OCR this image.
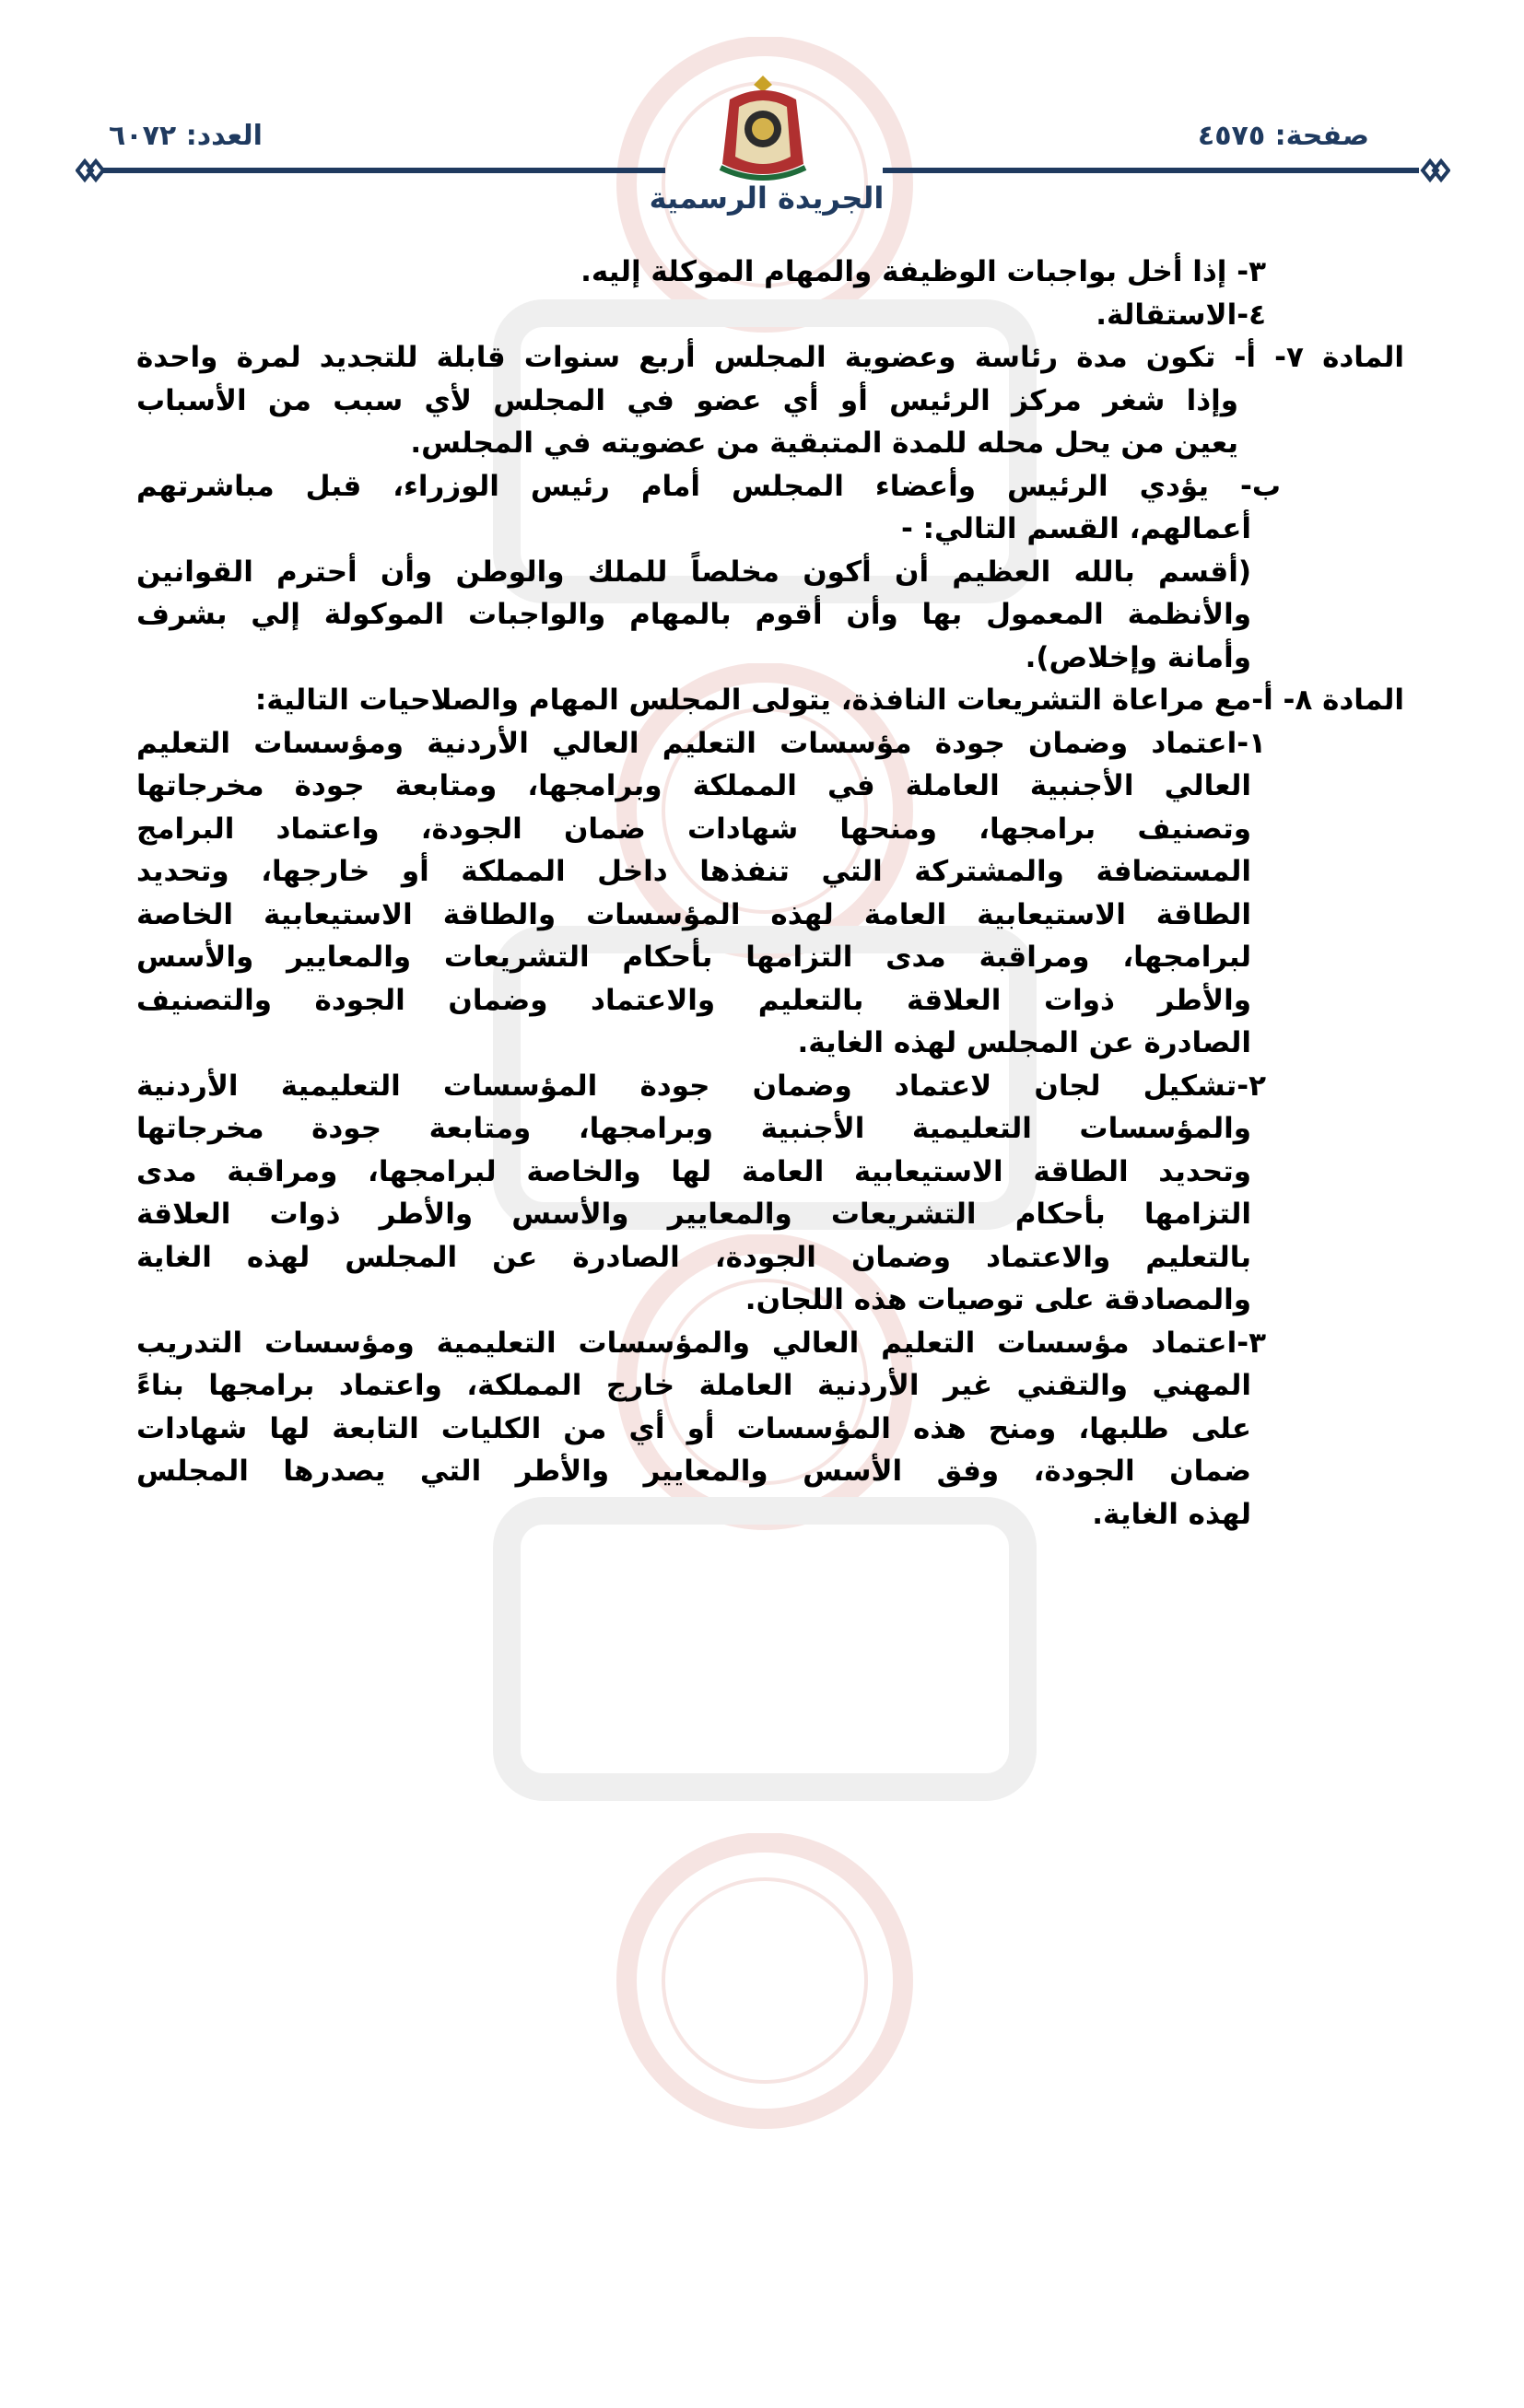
العدد: ٦٠٧٢	صفحة: ٤٥٧٥
الجريدة الرسمية
٣- إذا أخل بواجبات الوظيفة والمهام الموكلة إليه.
٤-الاستقالة.
المادة ٧- أ- تكون مدة رئاسة وعضوية المجلس أربع سنوات قابلة للتجديد لمرة واحدة
وإذا شغر مركز الرئيس أو أي عضو في المجلس لأي سبب من الأسباب
يعين من يحل محله للمدة المتبقية من عضويته في المجلس.
ب- يؤدي الرئيس وأعضاء المجلس أمام رئيس الوزراء، قبل مباشرتهم
أعمالهم، القسم التالي: -
(أقسم بالله العظيم أن أكون مخلصاً للملك والوطن وأن أحترم القوانين
والأنظمة المعمول بها وأن أقوم بالمهام والواجبات الموكولة إلي بشرف
وأمانة وإخلاص).
المادة ٨- أ-مع مراعاة التشريعات النافذة، يتولى المجلس المهام والصلاحيات التالية:
١-اعتماد وضمان جودة مؤسسات التعليم العالي الأردنية ومؤسسات التعليم
العالي الأجنبية العاملة في المملكة وبرامجها، ومتابعة جودة مخرجاتها
وتصنيف برامجها، ومنحها شهادات ضمان الجودة، واعتماد البرامج
المستضافة والمشتركة التي تنفذها داخل المملكة أو خارجها، وتحديد
الطاقة الاستيعابية العامة لهذه المؤسسات والطاقة الاستيعابية الخاصة
لبرامجها، ومراقبة مدى التزامها بأحكام التشريعات والمعايير والأسس
والأطر ذوات العلاقة بالتعليم والاعتماد وضمان الجودة والتصنيف
الصادرة عن المجلس لهذه الغاية.
٢-تشكيل لجان لاعتماد وضمان جودة المؤسسات التعليمية الأردنية
والمؤسسات التعليمية الأجنبية وبرامجها، ومتابعة جودة مخرجاتها
وتحديد الطاقة الاستيعابية العامة لها والخاصة لبرامجها، ومراقبة مدى
التزامها بأحكام التشريعات والمعايير والأسس والأطر ذوات العلاقة
بالتعليم والاعتماد وضمان الجودة، الصادرة عن المجلس لهذه الغاية
والمصادقة على توصيات هذه اللجان.
٣-اعتماد مؤسسات التعليم العالي والمؤسسات التعليمية ومؤسسات التدريب
المهني والتقني غير الأردنية العاملة خارج المملكة، واعتماد برامجها بناءً
على طلبها، ومنح هذه المؤسسات أو أي من الكليات التابعة لها شهادات
ضمان الجودة، وفق الأسس والمعايير والأطر التي يصدرها المجلس
لهذه الغاية.
